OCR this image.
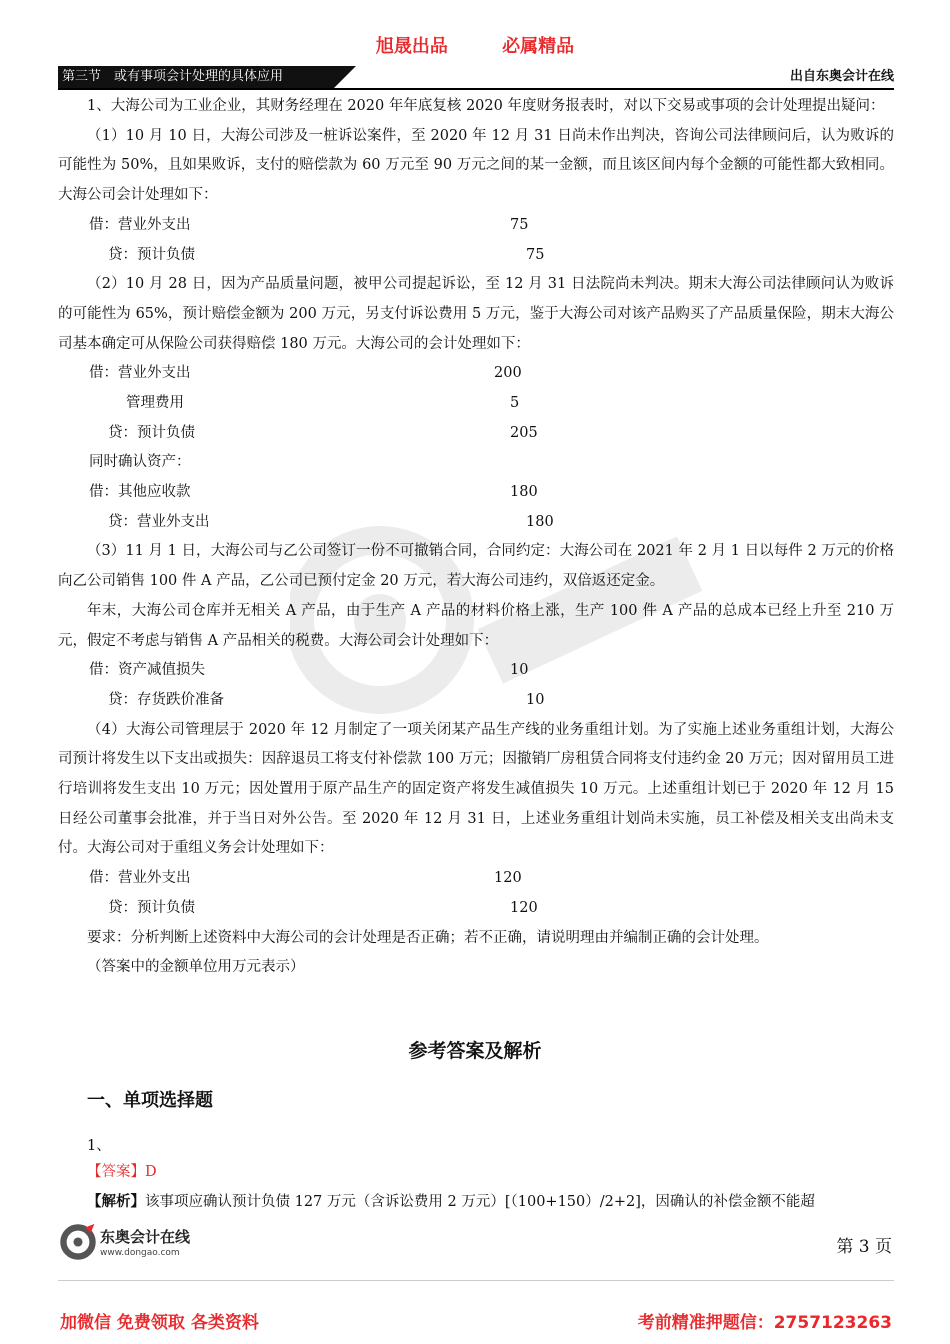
旭晟出品	必属精品
第三节　或有事项会计处理的具体应用	出自东奥会计在线

1、大海公司为工业企业，其财务经理在 2020 年年底复核 2020 年度财务报表时，对以下交易或事项的会计处理提出疑问：

（1）10 月 10 日，大海公司涉及一桩诉讼案件，至 2020 年 12 月 31 日尚未作出判决，咨询公司法律顾问后，认为败诉的可能性为 50%，且如果败诉，支付的赔偿款为 60 万元至 90 万元之间的某一金额，而且该区间内每个金额的可能性都大致相同。大海公司会计处理如下：

借：营业外支出	75
贷：预计负债	75

（2）10 月 28 日，因为产品质量问题，被甲公司提起诉讼，至 12 月 31 日法院尚未判决。期末大海公司法律顾问认为败诉的可能性为 65%，预计赔偿金额为 200 万元，另支付诉讼费用 5 万元，鉴于大海公司对该产品购买了产品质量保险，期末大海公司基本确定可从保险公司获得赔偿 180 万元。大海公司的会计处理如下：

借：营业外支出	200
管理费用	5
贷：预计负债	205
同时确认资产：
借：其他应收款	180
贷：营业外支出	180

（3）11 月 1 日，大海公司与乙公司签订一份不可撤销合同，合同约定：大海公司在 2021 年 2 月 1 日以每件 2 万元的价格向乙公司销售 100 件 A 产品，乙公司已预付定金 20 万元，若大海公司违约，双倍返还定金。

年末，大海公司仓库并无相关 A 产品，由于生产 A 产品的材料价格上涨，生产 100 件 A 产品的总成本已经上升至 210 万元，假定不考虑与销售 A 产品相关的税费。大海公司会计处理如下：

借：资产减值损失	10
贷：存货跌价准备	10

（4）大海公司管理层于 2020 年 12 月制定了一项关闭某产品生产线的业务重组计划。为了实施上述业务重组计划，大海公司预计将发生以下支出或损失：因辞退员工将支付补偿款 100 万元；因撤销厂房租赁合同将支付违约金 20 万元；因对留用员工进行培训将发生支出 10 万元；因处置用于原产品生产的固定资产将发生减值损失 10 万元。上述重组计划已于 2020 年 12 月 15 日经公司董事会批准，并于当日对外公告。至 2020 年 12 月 31 日，上述业务重组计划尚未实施，员工补偿及相关支出尚未支付。大海公司对于重组义务会计处理如下：

借：营业外支出	120
贷：预计负债	120

要求：分析判断上述资料中大海公司的会计处理是否正确；若不正确，请说明理由并编制正确的会计处理。

（答案中的金额单位用万元表示）

参考答案及解析
一、单项选择题
1、
【答案】D
【解析】该事项应确认预计负债 127 万元（含诉讼费用 2 万元）[（100+150）/2+2]，因确认的补偿金额不能超
东奥会计在线
www.dongao.com	第 3 页
加微信 免费领取 各类资料	考前精准押题信：2757123263
